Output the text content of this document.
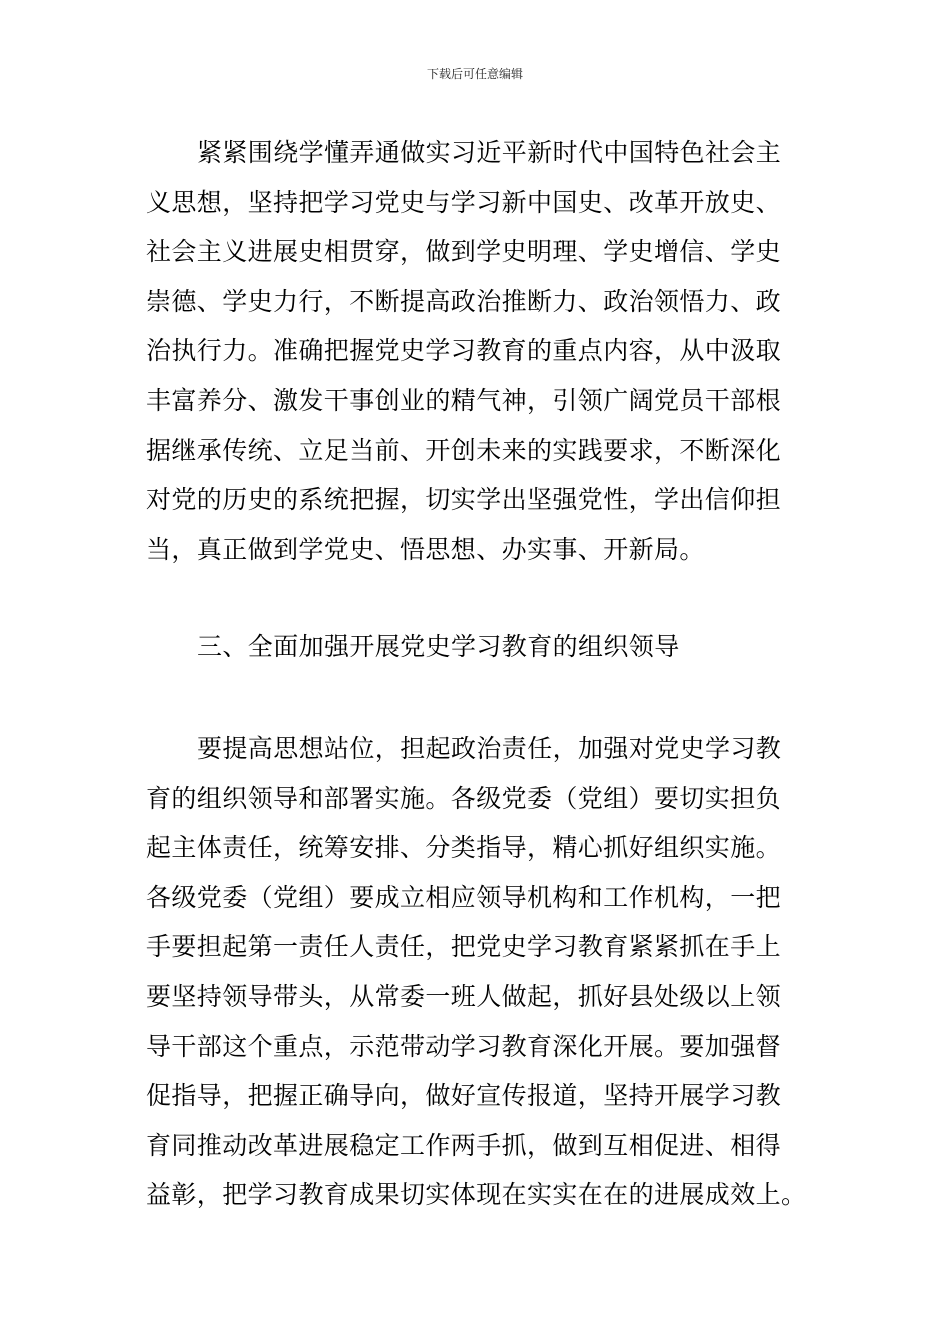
下载后可任意编辑
紧紧围绕学懂弄通做实习近平新时代中国特色社会主
义思想，坚持把学习党史与学习新中国史、改革开放史、
社会主义进展史相贯穿，做到学史明理、学史增信、学史
崇德、学史力行，不断提高政治推断力、政治领悟力、政
治执行力。准确把握党史学习教育的重点内容，从中汲取
丰富养分、激发干事创业的精气神，引领广阔党员干部根
据继承传统、立足当前、开创未来的实践要求，不断深化
对党的历史的系统把握，切实学出坚强党性，学出信仰担
当，真正做到学党史、悟思想、办实事、开新局。
三、全面加强开展党史学习教育的组织领导
要提高思想站位，担起政治责任，加强对党史学习教
育的组织领导和部署实施。各级党委（党组）要切实担负
起主体责任，统筹安排、分类指导，精心抓好组织实施。
各级党委（党组）要成立相应领导机构和工作机构，一把
手要担起第一责任人责任，把党史学习教育紧紧抓在手上
要坚持领导带头，从常委一班人做起，抓好县处级以上领
导干部这个重点，示范带动学习教育深化开展。要加强督
促指导，把握正确导向，做好宣传报道，坚持开展学习教
育同推动改革进展稳定工作两手抓，做到互相促进、相得
益彰，把学习教育成果切实体现在实实在在的进展成效上。
